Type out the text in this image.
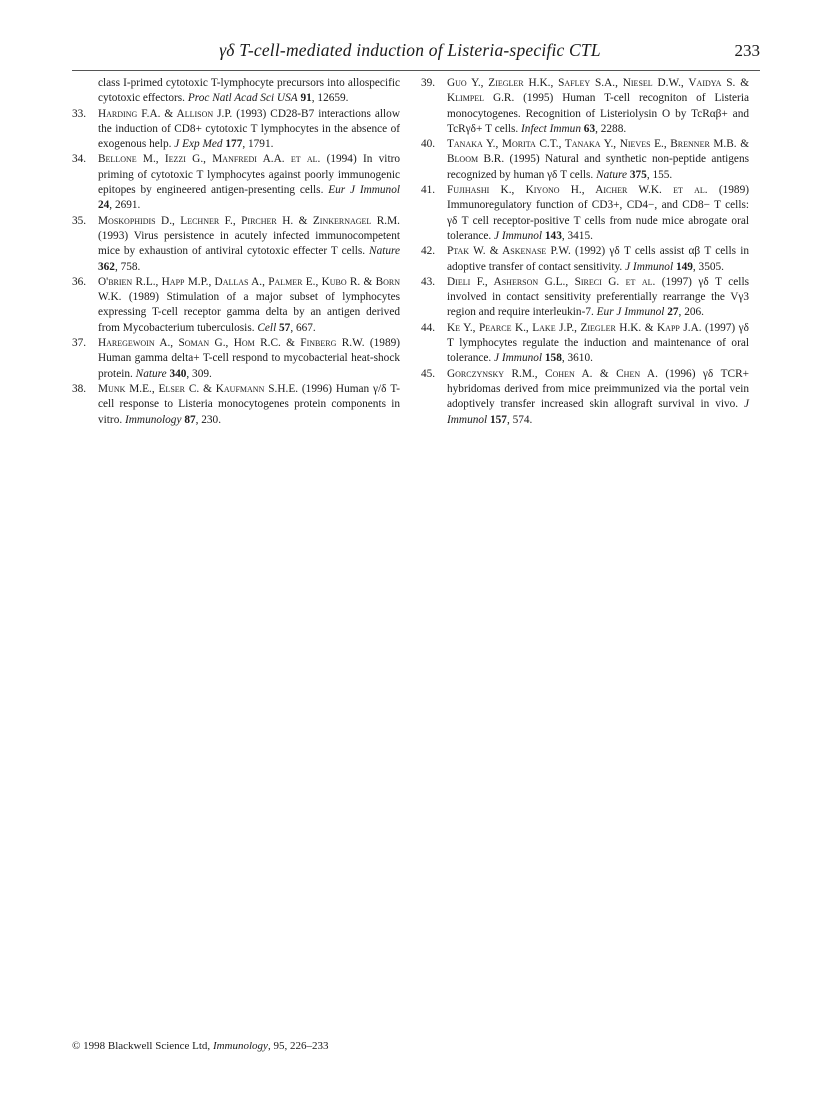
γδ T-cell-mediated induction of Listeria-specific CTL	233

class I-primed cytotoxic T-lymphocyte precursors into allospecific cytotoxic effectors. Proc Natl Acad Sci USA 91, 12659.

33. Harding F.A. & Allison J.P. (1993) CD28-B7 interactions allow the induction of CD8+ cytotoxic T lymphocytes in the absence of exogenous help. J Exp Med 177, 1791.

34. Bellone M., Iezzi G., Manfredi A.A. et al. (1994) In vitro priming of cytotoxic T lymphocytes against poorly immunogenic epitopes by engineered antigen-presenting cells. Eur J Immunol 24, 2691.

35. Moskophidis D., Lechner F., Pircher H. & Zinkernagel R.M. (1993) Virus persistence in acutely infected immunocompetent mice by exhaustion of antiviral cytotoxic effecter T cells. Nature 362, 758.

36. O'brien R.L., Happ M.P., Dallas A., Palmer E., Kubo R. & Born W.K. (1989) Stimulation of a major subset of lymphocytes expressing T-cell receptor gamma delta by an antigen derived from Mycobacterium tuberculosis. Cell 57, 667.

37. Haregewoin A., Soman G., Hom R.C. & Finberg R.W. (1989) Human gamma delta+ T-cell respond to mycobacterial heat-shock protein. Nature 340, 309.

38. Munk M.E., Elser C. & Kaufmann S.H.E. (1996) Human γ/δ T-cell response to Listeria monocytogenes protein components in vitro. Immunology 87, 230.

39. Guo Y., Ziegler H.K., Safley S.A., Niesel D.W., Vaidya S. & Klimpel G.R. (1995) Human T-cell recogniton of Listeria monocytogenes. Recognition of Listeriolysin O by TcRαβ+ and TcRγδ+ T cells. Infect Immun 63, 2288.

40. Tanaka Y., Morita C.T., Tanaka Y., Nieves E., Brenner M.B. & Bloom B.R. (1995) Natural and synthetic non-peptide antigens recognized by human γδ T cells. Nature 375, 155.

41. Fujihashi K., Kiyono H., Aicher W.K. et al. (1989) Immunoregulatory function of CD3+, CD4−, and CD8− T cells: γδ T cell receptor-positive T cells from nude mice abrogate oral tolerance. J Immunol 143, 3415.

42. Ptak W. & Askenase P.W. (1992) γδ T cells assist αβ T cells in adoptive transfer of contact sensitivity. J Immunol 149, 3505.

43. Dieli F., Asherson G.L., Sireci G. et al. (1997) γδ T cells involved in contact sensitivity preferentially rearrange the Vγ3 region and require interleukin-7. Eur J Immunol 27, 206.

44. Ke Y., Pearce K., Lake J.P., Ziegler H.K. & Kapp J.A. (1997) γδ T lymphocytes regulate the induction and maintenance of oral tolerance. J Immunol 158, 3610.

45. Gorczynsky R.M., Cohen A. & Chen A. (1996) γδ TCR+ hybridomas derived from mice preimmunized via the portal vein adoptively transfer increased skin allograft survival in vivo. J Immunol 157, 574.

© 1998 Blackwell Science Ltd, Immunology, 95, 226–233
